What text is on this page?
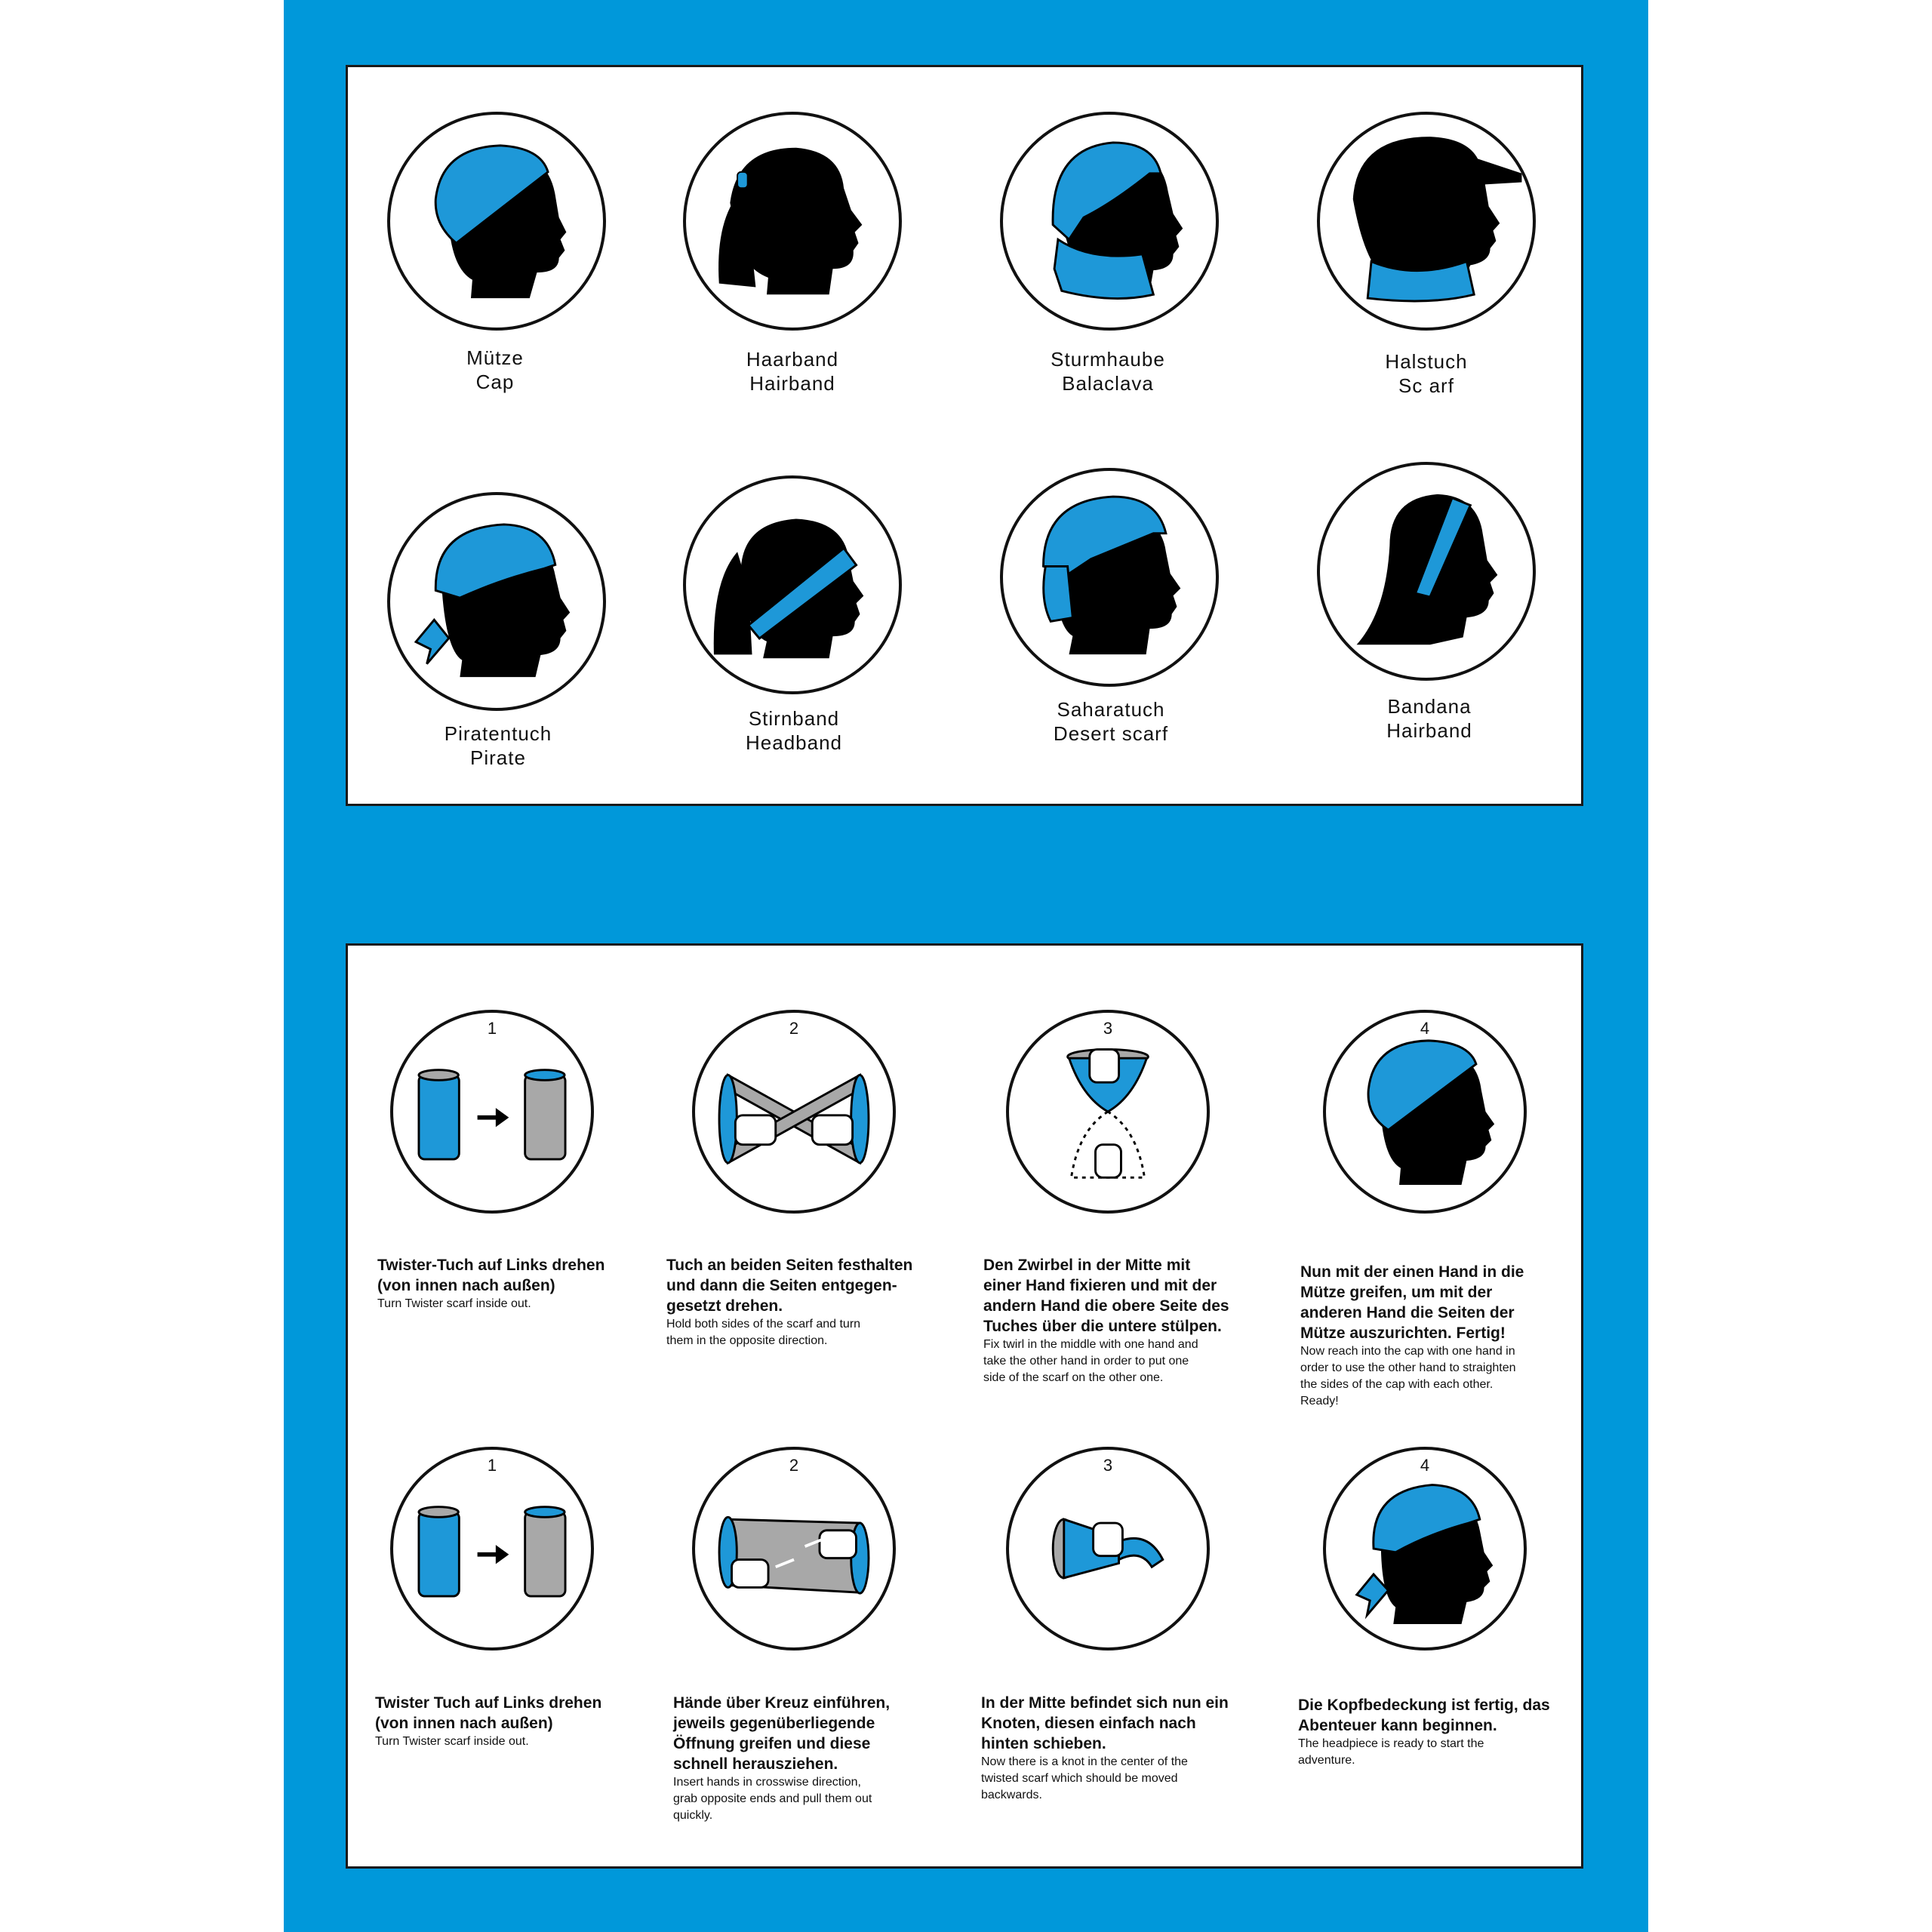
Mütze
Cap
Haarband
Hairband
Sturmhaube
Balaclava
Halstuch
Sc arf
Piratentuch
Pirate
Stirnband
Headband
Saharatuch
Desert scarf
Bandana
Hairband
1	2	3	4
Twister-Tuch auf Links drehen
(von innen nach außen)
Turn Twister scarf inside out.
Tuch an beiden Seiten festhalten
und dann die Seiten entgegen-
gesetzt drehen.
Hold both sides of the scarf and turn
them in the opposite direction.
Den Zwirbel in der Mitte mit
einer Hand fixieren und mit der
andern Hand die obere Seite des
Tuches über die untere stülpen.
Fix twirl in the middle with one hand and
take the other hand in order to put one
side of the scarf on the other one.
Nun mit der einen Hand in die
Mütze greifen, um mit der
anderen Hand die Seiten der
Mütze auszurichten. Fertig!
Now reach into the cap with one hand in
order to use the other hand to straighten
the sides of the cap with each other.
Ready!
1	2	3	4
Twister Tuch auf Links drehen
(von innen nach außen)
Turn Twister scarf inside out.
Hände über Kreuz einführen,
jeweils gegenüberliegende
Öffnung greifen und diese
schnell herausziehen.
Insert hands in crosswise direction,
grab opposite ends and pull them out
quickly.
In der Mitte befindet sich nun ein
Knoten, diesen einfach nach
hinten schieben.
Now there is a knot in the center of the
twisted scarf which should be moved
backwards.
Die Kopfbedeckung ist fertig, das
Abenteuer kann beginnen.
The headpiece is ready to start the
adventure.
